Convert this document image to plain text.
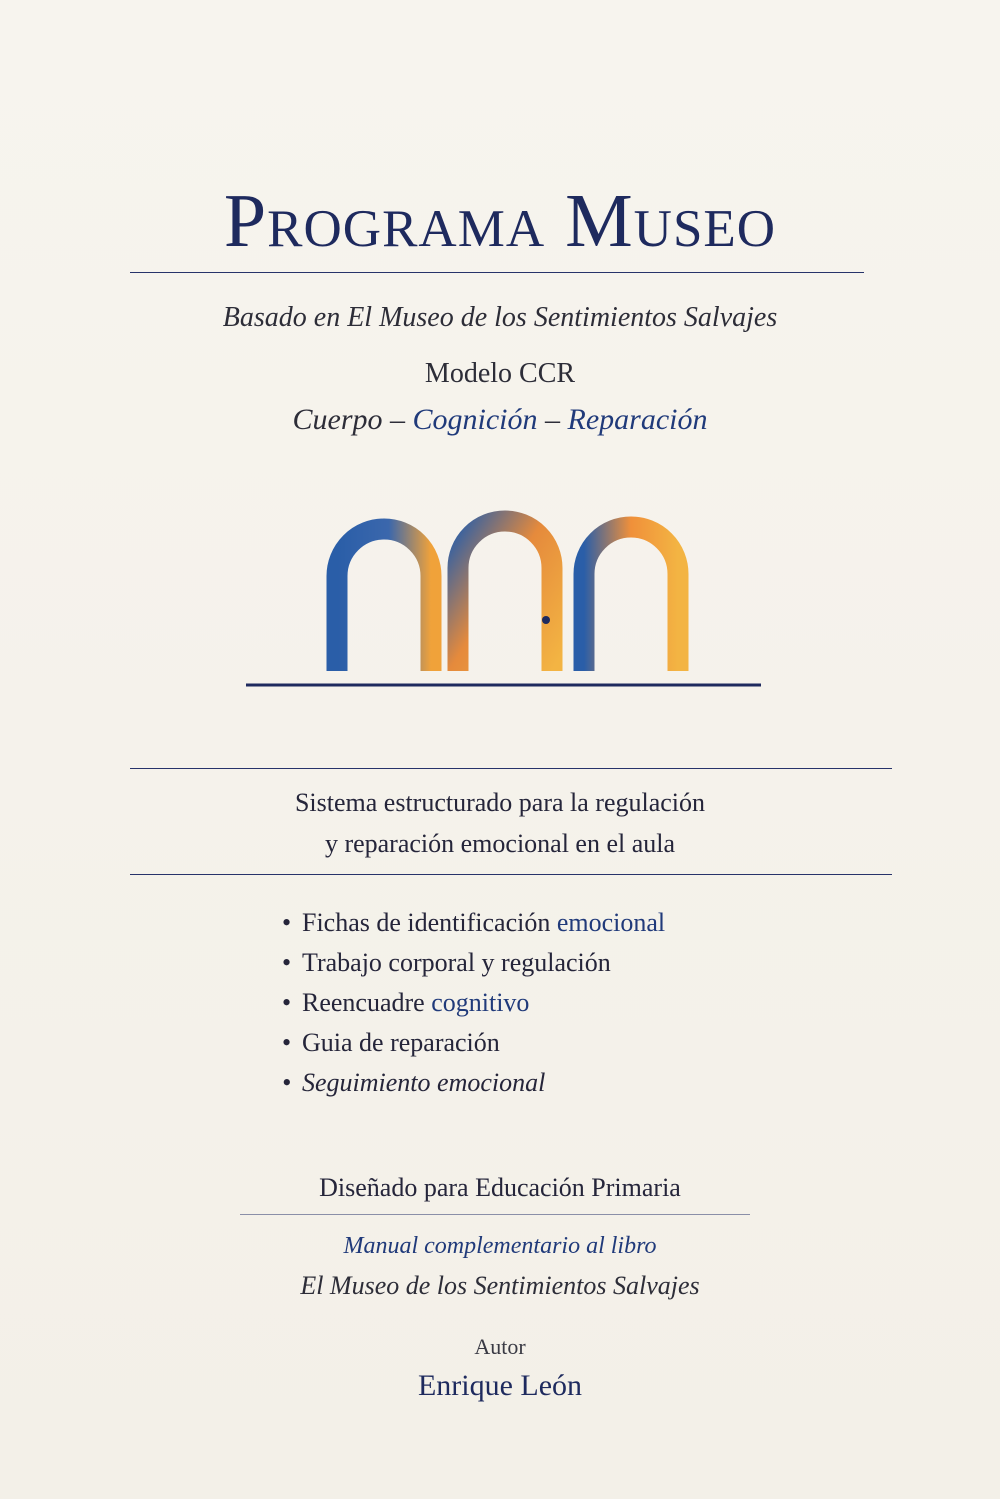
Programa Museo
Basado en El Museo de los Sentimientos Salvajes
Modelo CCR
Cuerpo – Cognición – Reparación
Sistema estructurado para la regulación
y reparación emocional en el aula
• Fichas de identificación emocional
• Trabajo corporal y regulación
• Reencuadre cognitivo
• Guia de reparación
• Seguimiento emocional
Diseñado para Educación Primaria
Manual complementario al libro
El Museo de los Sentimientos Salvajes
Autor
Enrique León
